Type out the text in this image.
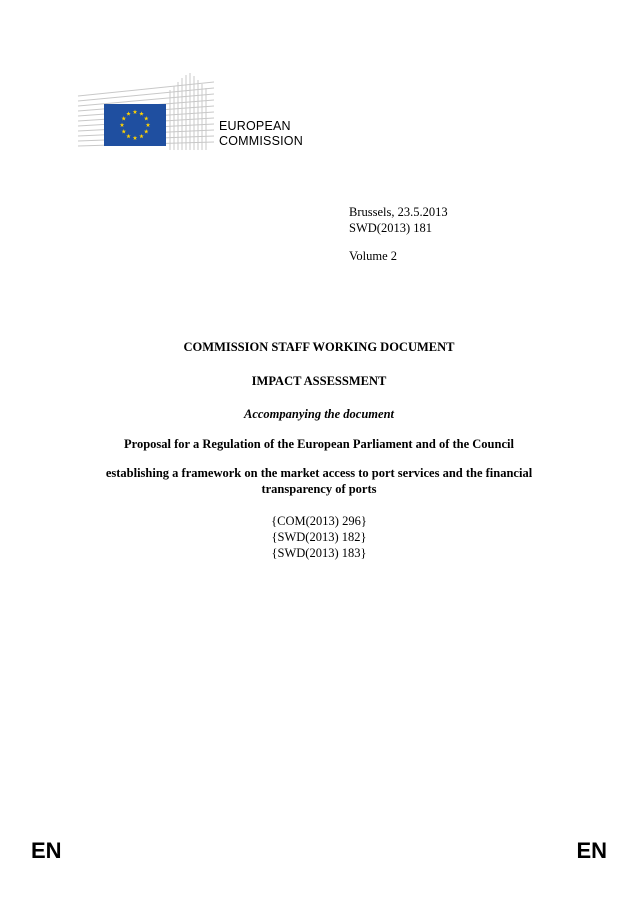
EUROPEAN
COMMISSION
Brussels, 23.5.2013
SWD(2013) 181
Volume 2
COMMISSION STAFF WORKING DOCUMENT
IMPACT ASSESSMENT
Accompanying the document
Proposal for a Regulation of the European Parliament and of the Council
establishing a framework on the market access to port services and the financial
transparency of ports
{COM(2013) 296}
{SWD(2013) 182}
{SWD(2013) 183}
EN	EN
